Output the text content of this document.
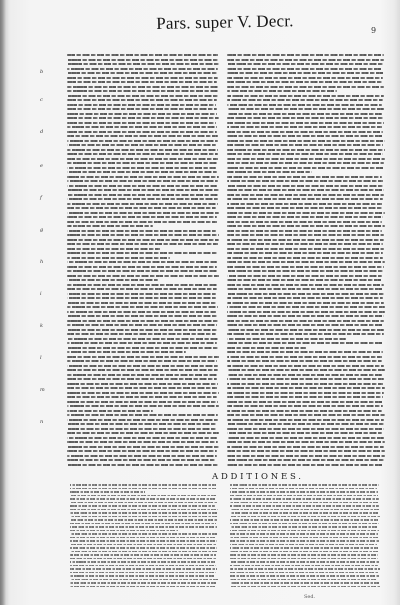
Pars. super V. Decr.	9
b
c
d
e
f
g
h
i
k
l
m
n
ADDITIONES.
Sed.
